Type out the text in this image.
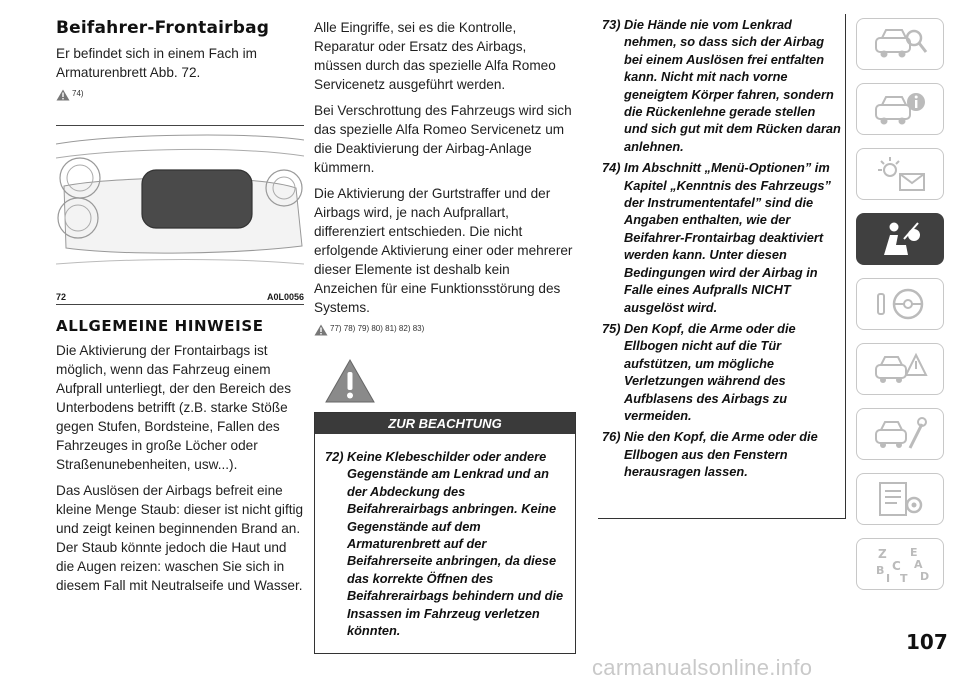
Beifahrer-Frontairbag

Er befindet sich in einem Fach im Armaturenbrett Abb. 72.

74)
72	A0L0056
ALLGEMEINE HINWEISE

Die Aktivierung der Frontairbags ist möglich, wenn das Fahrzeug einem Aufprall unterliegt, der den Bereich des Unterbodens betrifft (z.B. starke Stöße gegen Stufen, Bordsteine, Fallen des Fahrzeuges in große Löcher oder Straßenunebenheiten, usw...).

Das Auslösen der Airbags befreit eine kleine Menge Staub: dieser ist nicht giftig und zeigt keinen beginnenden Brand an. Der Staub könnte jedoch die Haut und die Augen reizen: waschen Sie sich in diesem Fall mit Neutralseife und Wasser.

Alle Eingriffe, sei es die Kontrolle, Reparatur oder Ersatz des Airbags, müssen durch das spezielle Alfa Romeo Servicenetz ausgeführt werden.

Bei Verschrottung des Fahrzeugs wird sich das spezielle Alfa Romeo Servicenetz um die Deaktivierung der Airbag-Anlage kümmern.

Die Aktivierung der Gurtstraffer und der Airbags wird, je nach Aufprallart, differenziert entschieden. Die nicht erfolgende Aktivierung einer oder mehrerer dieser Elemente ist deshalb kein Anzeichen für eine Funktionsstörung des Systems.

77) 78) 79) 80) 81) 82) 83)
ZUR BEACHTUNG

72) Keine Klebeschilder oder andere Gegenstände am Lenkrad und an der Abdeckung des Beifahrerairbags anbringen. Keine Gegenstände auf dem Armaturenbrett auf der Beifahrerseite anbringen, da diese das korrekte Öffnen des Beifahrerairbags behindern und die Insassen im Fahrzeug verletzen könnten.

73) Die Hände nie vom Lenkrad nehmen, so dass sich der Airbag bei einem Auslösen frei entfalten kann. Nicht mit nach vorne geneigtem Körper fahren, sondern die Rückenlehne gerade stellen und sich gut mit dem Rücken daran anlehnen.

74) Im Abschnitt „Menü-Optionen” im Kapitel „Kenntnis des Fahrzeugs” der Instrumententafel” sind die Angaben enthalten, wie der Beifahrer-Frontairbag deaktiviert werden kann. Unter diesen Bedingungen wird der Airbag in Falle eines Aufpralls NICHT ausgelöst wird.

75) Den Kopf, die Arme oder die Ellbogen nicht auf die Tür aufstützen, um mögliche Verletzungen während des Aufblasens des Airbags zu vermeiden.

76) Nie den Kopf, die Arme oder die Ellbogen aus den Fenstern herausragen lassen.

Z E
A
B	D
C
T
I
107
carmanualsonline.info
